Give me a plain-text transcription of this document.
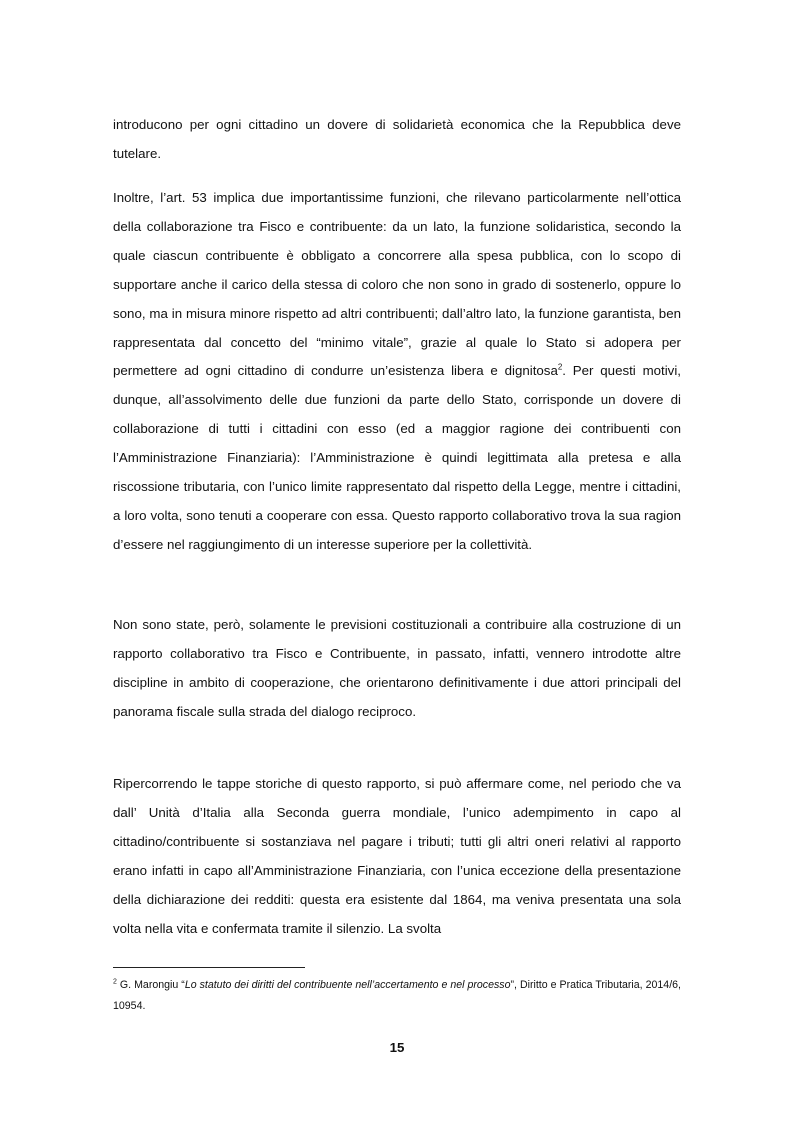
introducono per ogni cittadino un dovere di solidarietà economica che la Repubblica deve tutelare.

Inoltre, l’art. 53 implica due importantissime funzioni, che rilevano particolarmente nell’ottica della collaborazione tra Fisco e contribuente: da un lato, la funzione solidaristica, secondo la quale ciascun contribuente è obbligato a concorrere alla spesa pubblica, con lo scopo di supportare anche il carico della stessa di coloro che non sono in grado di sostenerlo, oppure lo sono, ma in misura minore rispetto ad altri contribuenti; dall’altro lato, la funzione garantista, ben rappresentata dal concetto del “minimo vitale”, grazie al quale lo Stato si adopera per permettere ad ogni cittadino di condurre un’esistenza libera e dignitosa$^2$. Per questi motivi, dunque, all’assolvimento delle due funzioni da parte dello Stato, corrisponde un dovere di collaborazione di tutti i cittadini con esso (ed a maggior ragione dei contribuenti con l’Amministrazione Finanziaria): l’Amministrazione è quindi legittimata alla pretesa e alla riscossione tributaria, con l’unico limite rappresentato dal rispetto della Legge, mentre i cittadini, a loro volta, sono tenuti a cooperare con essa. Questo rapporto collaborativo trova la sua ragion d’essere nel raggiungimento di un interesse superiore per la collettività.

Non sono state, però, solamente le previsioni costituzionali a contribuire alla costruzione di un rapporto collaborativo tra Fisco e Contribuente, in passato, infatti, vennero introdotte altre discipline in ambito di cooperazione, che orientarono definitivamente i due attori principali del panorama fiscale sulla strada del dialogo reciproco.

Ripercorrendo le tappe storiche di questo rapporto, si può affermare come, nel periodo che va dall’ Unità d’Italia alla Seconda guerra mondiale, l’unico adempimento in capo al cittadino/contribuente si sostanziava nel pagare i tributi; tutti gli altri oneri relativi al rapporto erano infatti in capo all’Amministrazione Finanziaria, con l’unica eccezione della presentazione della dichiarazione dei redditi: questa era esistente dal 1864, ma veniva presentata una sola volta nella vita e confermata tramite il silenzio. La svolta

$^2$ G. Marongiu “Lo statuto dei diritti del contribuente nell’accertamento e nel processo”, Diritto e Pratica Tributaria, 2014/6, 10954.

15
